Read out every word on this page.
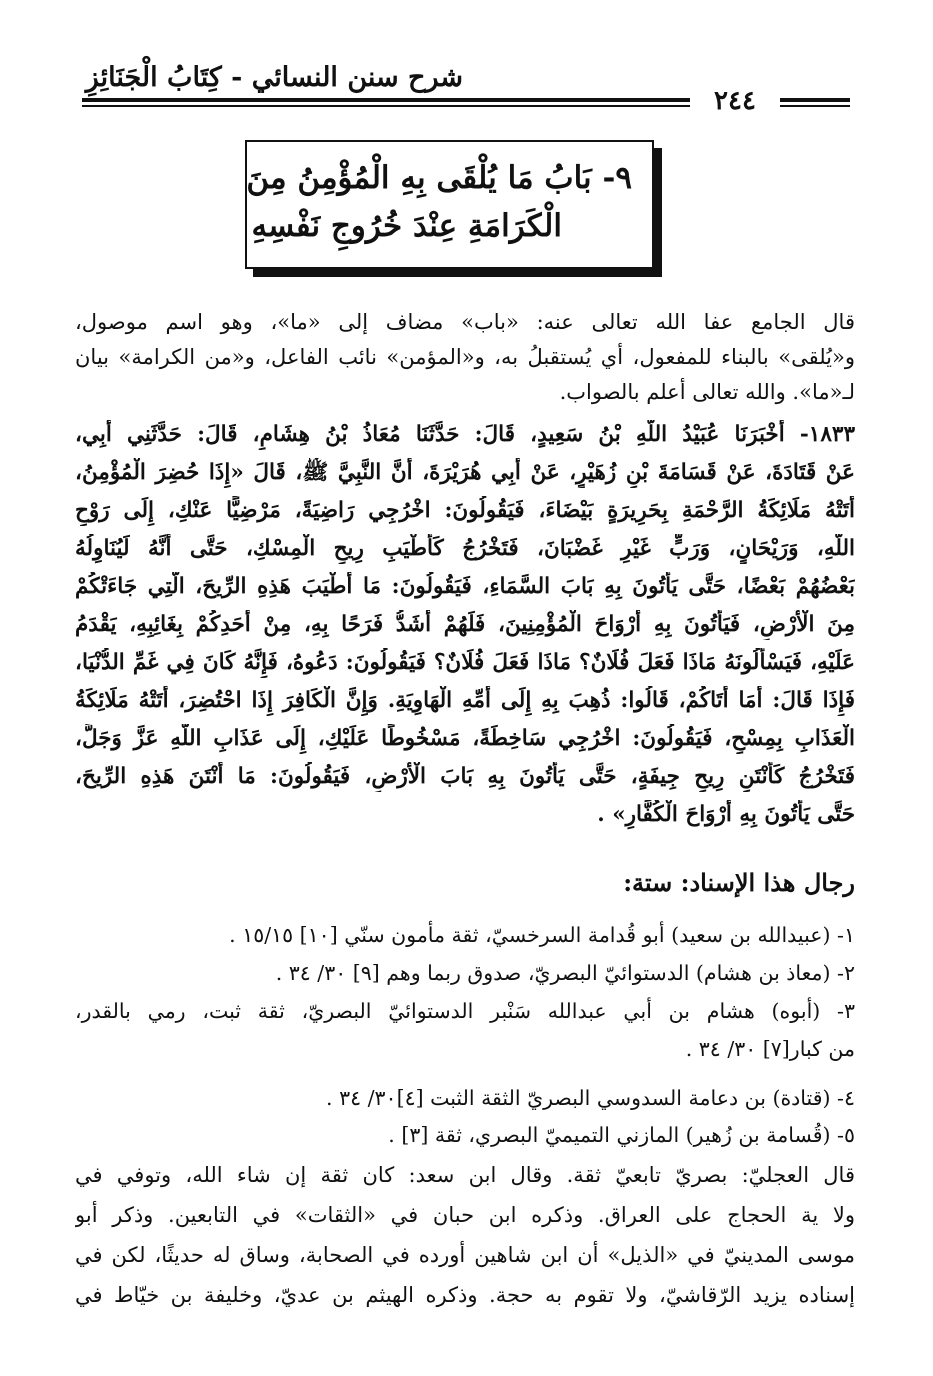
شرح سنن النسائي - كِتَابُ الْجَنَائِزِ
٢٤٤
٩- بَابُ مَا يُلْقَى بِهِ الْمُؤْمِنُ مِنَ
الْكَرَامَةِ عِنْدَ خُرُوجِ نَفْسِهِ
قال الجامع عفا الله تعالى عنه: «باب» مضاف إلى «ما»، وهو اسم موصول،
و«يُلقى» بالبناء للمفعول، أي يُستقبلُ به، و«المؤمن» نائب الفاعل، و«من الكرامة» بيان
لـ«ما». والله تعالى أعلم بالصواب.
١٨٣٣- أَخْبَرَنَا عُبَيْدُ اللَّهِ بْنُ سَعِيدٍ، قَالَ: حَدَّثَنَا مُعَاذُ بْنُ هِشَامٍ، قَالَ: حَدَّثَنِي أَبِي،
عَنْ قَتَادَةَ، عَنْ قَسَامَةَ بْنِ زُهَيْرٍ، عَنْ أَبِي هُرَيْرَةَ، أَنَّ النَّبِيَّ ﷺ، قَالَ «إِذَا حُضِرَ الْمُؤْمِنُ،
أَتَتْهُ مَلَائِكَةُ الرَّحْمَةِ بِحَرِيرَةٍ بَيْضَاءَ، فَيَقُولُونَ: اخْرُجِي رَاضِيَةً، مَرْضِيًّا عَنْكِ، إِلَى رَوْحِ
اللَّهِ، وَرَيْحَانٍ، وَرَبٍّ غَيْرِ غَضْبَانَ، فَتَخْرُجُ كَأَطْيَبِ رِيحِ الْمِسْكِ، حَتَّى أَنَّهُ لَيُنَاوِلُهُ
بَعْضُهُمْ بَعْضًا، حَتَّى يَأْتُونَ بِهِ بَابَ السَّمَاءِ، فَيَقُولُونَ: مَا أَطْيَبَ هَذِهِ الرِّيحَ، الَّتِي جَاءَتْكُمْ
مِنَ الْأَرْضِ، فَيَأْتُونَ بِهِ أَرْوَاحَ الْمُؤْمِنِينَ، فَلَهُمْ أَشَدُّ فَرَحًا بِهِ، مِنْ أَحَدِكُمْ بِغَائِبِهِ، يَقْدَمُ
عَلَيْهِ، فَيَسْأَلُونَهُ مَاذَا فَعَلَ فُلَانٌ؟ مَاذَا فَعَلَ فُلَانٌ؟ فَيَقُولُونَ: دَعُوهُ، فَإِنَّهُ كَانَ فِي غَمِّ الدُّنْيَا،
فَإِذَا قَالَ: أَمَا أَتَاكُمْ، قَالُوا: ذُهِبَ بِهِ إِلَى أُمِّهِ الْهَاوِيَةِ. وَإِنَّ الْكَافِرَ إِذَا احْتُضِرَ، أَتَتْهُ مَلَائِكَةُ
الْعَذَابِ بِمِسْحٍ، فَيَقُولُونَ: اخْرُجِي سَاخِطَةً، مَسْخُوطًا عَلَيْكِ، إِلَى عَذَابِ اللَّهِ عَزَّ وَجَلَّ،
فَتَخْرُجُ كَأَنْتَنِ رِيحِ جِيفَةٍ، حَتَّى يَأْتُونَ بِهِ بَابَ الْأَرْضِ، فَيَقُولُونَ: مَا أَنْتَنَ هَذِهِ الرِّيحَ،
حَتَّى يَأْتُونَ بِهِ أَرْوَاحَ الْكُفَّارِ» .
رجال هذا الإسناد: ستة:
١- (عبيدالله بن سعيد) أبو قُدامة السرخسيّ، ثقة مأمون سنّي [١٠] ١٥/١٥ .
٢- (معاذ بن هشام) الدستوائيّ البصريّ، صدوق ربما وهم [٩] ٣٠/ ٣٤ .
٣- (أبوه) هشام بن أبي عبدالله سَنْبر الدستوائيّ البصريّ، ثقة ثبت، رمي بالقدر،
من كبار[٧] ٣٠/ ٣٤ .
٤- (قتادة) بن دعامة السدوسي البصريّ الثقة الثبت [٤]٣٠/ ٣٤ .
٥- (قُسامة بن زُهير) المازني التميميّ البصري، ثقة [٣] .
قال العجليّ: بصريّ تابعيّ ثقة. وقال ابن سعد: كان ثقة إن شاء الله، وتوفي في
ولا ية الحجاج على العراق. وذكره ابن حبان في «الثقات» في التابعين. وذكر أبو
موسى المدينيّ في «الذيل» أن ابن شاهين أورده في الصحابة، وساق له حديثًا، لكن في
إسناده يزيد الرّقاشيّ، ولا تقوم به حجة. وذكره الهيثم بن عديّ، وخليفة بن خيّاط في
